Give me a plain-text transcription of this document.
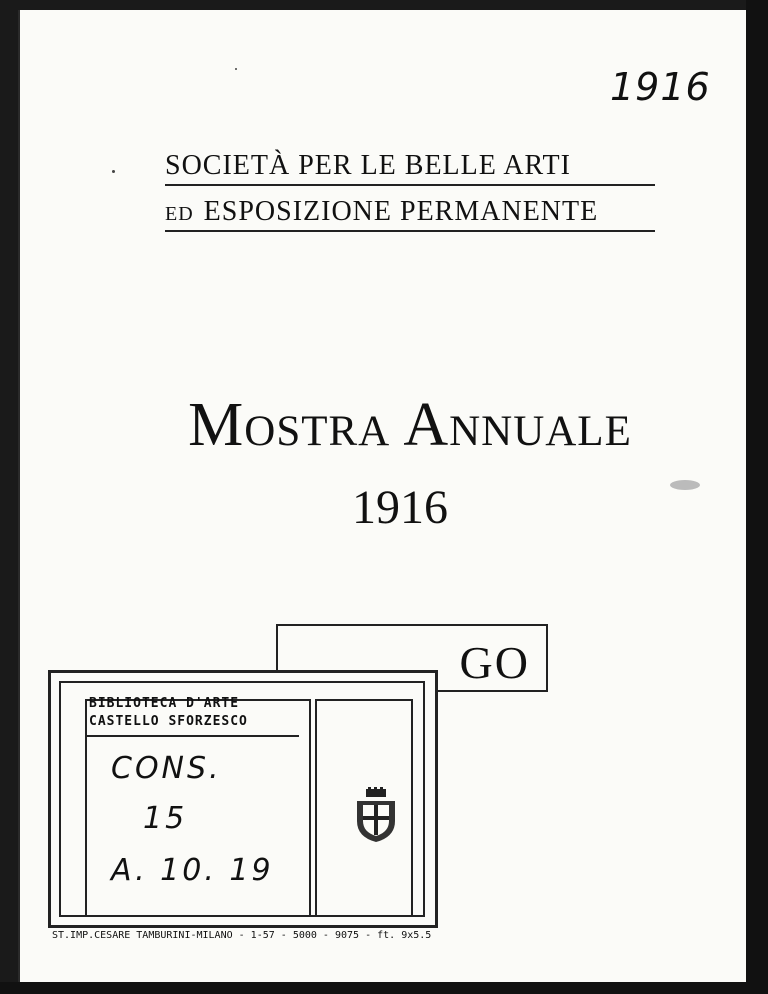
1916
SOCIETÀ PER LE BELLE ARTI
ED ESPOSIZIONE PERMANENTE
Mostra Annuale
1916
GO
BIBLIOTECA D'ARTE
CASTELLO SFORZESCO
CONS.
15
A. 10. 19
ST.IMP.CESARE TAMBURINI-MILANO - 1-57 - 5000 - 9075 - ft. 9x5.5
